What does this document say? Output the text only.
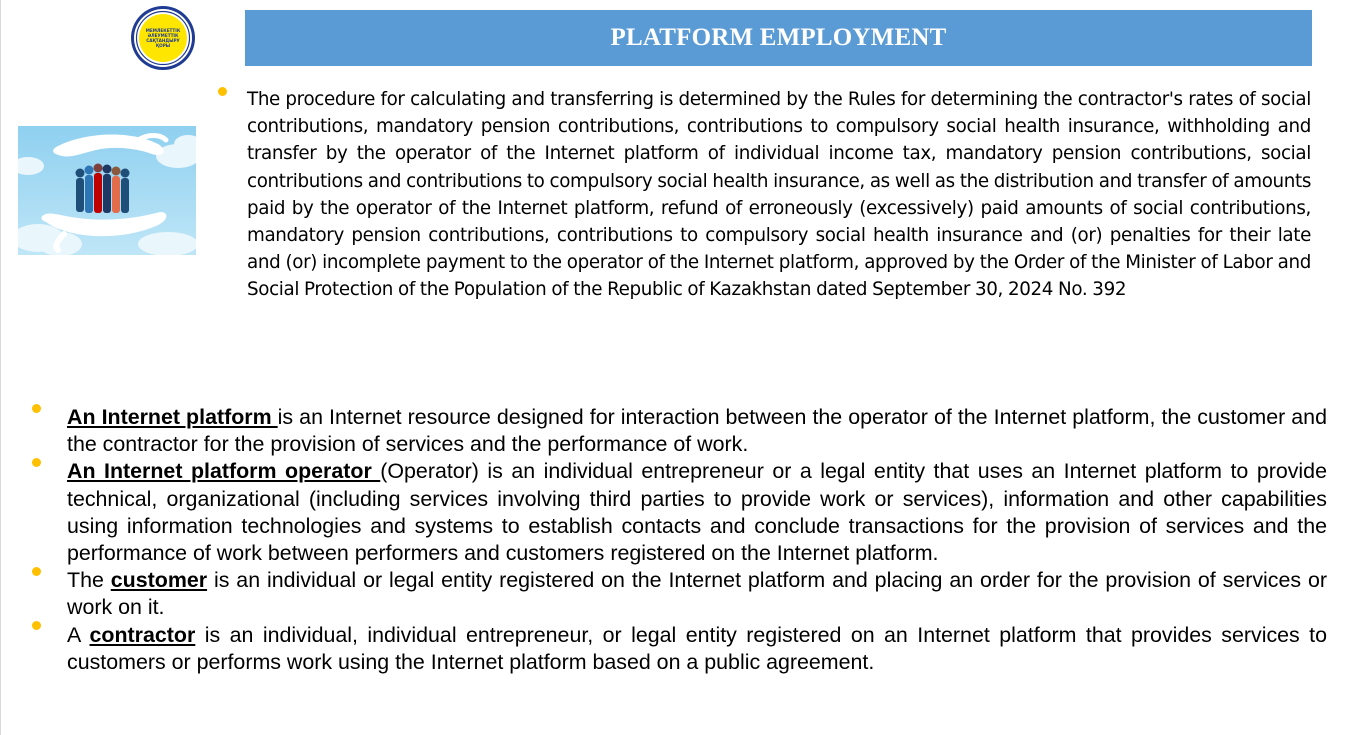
МЕМЛЕКЕТТІК
ӘЛЕУМЕТТІК
САҚТАНДЫРУ
ҚОРЫ	PLATFORM EMPLOYMENT

The procedure for calculating and transferring is determined by the Rules for determining the contractor's rates of social contributions, mandatory pension contributions, contributions to compulsory social health insurance, withholding and transfer by the operator of the Internet platform of individual income tax, mandatory pension contributions, social contributions and contributions to compulsory social health insurance, as well as the distribution and transfer of amounts paid by the operator of the Internet platform, refund of erroneously (excessively) paid amounts of social contributions, mandatory pension contributions, contributions to compulsory social health insurance and (or) penalties for their late and (or) incomplete payment to the operator of the Internet platform, approved by the Order of the Minister of Labor and Social Protection of the Population of the Republic of Kazakhstan dated September 30, 2024 No. 392

An Internet platform is an Internet resource designed for interaction between the operator of the Internet platform, the customer and the contractor for the provision of services and the performance of work.

An Internet platform operator (Operator) is an individual entrepreneur or a legal entity that uses an Internet platform to provide technical, organizational (including services involving third parties to provide work or services), information and other capabilities using information technologies and systems to establish contacts and conclude transactions for the provision of services and the performance of work between performers and customers registered on the Internet platform.

The customer is an individual or legal entity registered on the Internet platform and placing an order for the provision of services or work on it.

A contractor is an individual, individual entrepreneur, or legal entity registered on an Internet platform that provides services to customers or performs work using the Internet platform based on a public agreement.
